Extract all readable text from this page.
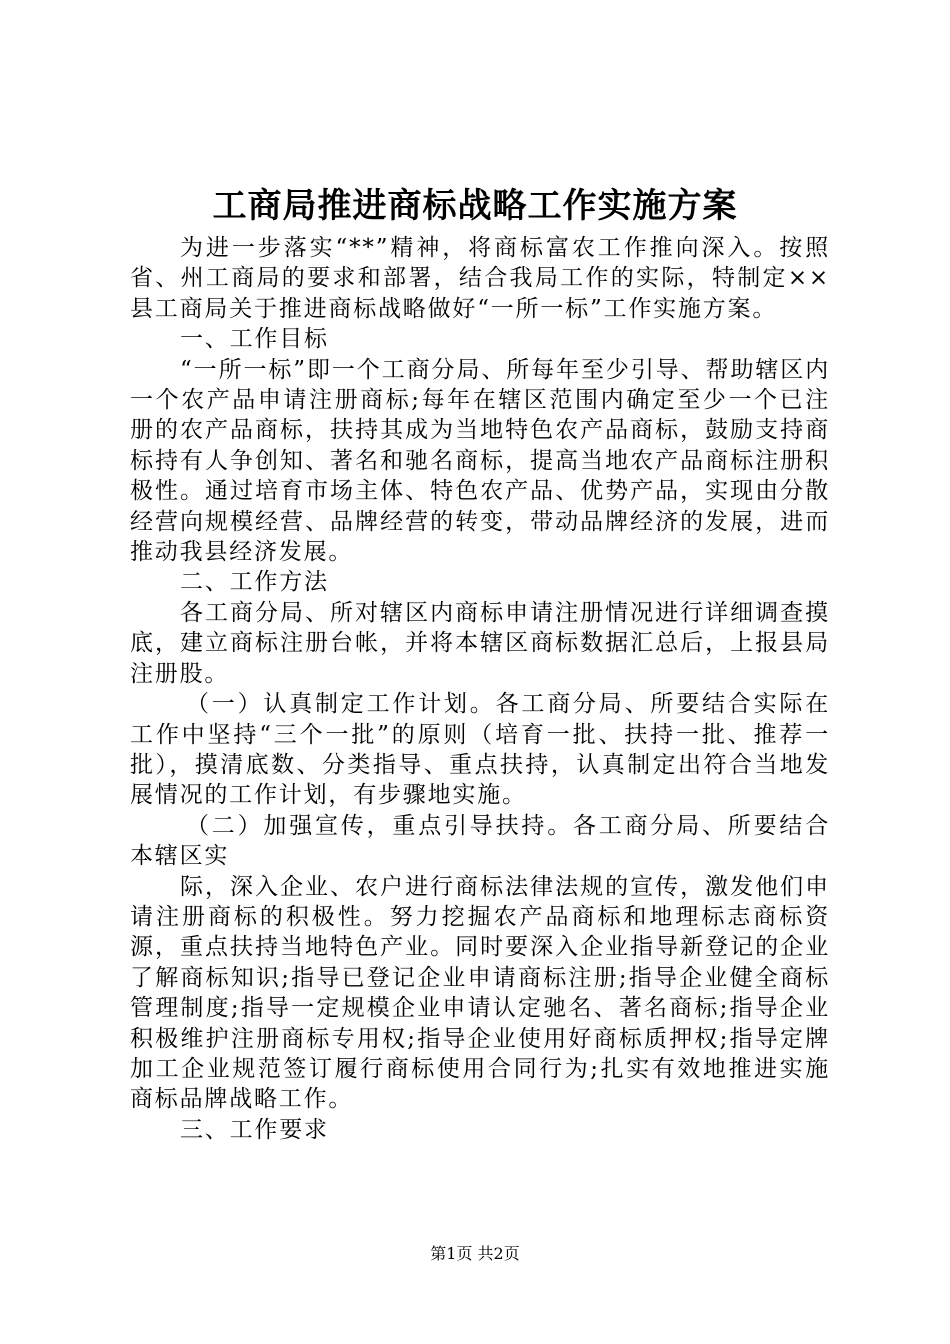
工商局推进商标战略工作实施方案

为进一步落实“**”精神，将商标富农工作推向深入。按照省、州工商局的要求和部署，结合我局工作的实际，特制定××县工商局关于推进商标战略做好“一所一标”工作实施方案。

一、工作目标

“一所一标”即一个工商分局、所每年至少引导、帮助辖区内一个农产品申请注册商标;每年在辖区范围内确定至少一个已注册的农产品商标，扶持其成为当地特色农产品商标，鼓励支持商标持有人争创知、著名和驰名商标，提高当地农产品商标注册积极性。通过培育市场主体、特色农产品、优势产品，实现由分散经营向规模经营、品牌经营的转变，带动品牌经济的发展，进而推动我县经济发展。

二、工作方法

各工商分局、所对辖区内商标申请注册情况进行详细调查摸底，建立商标注册台帐，并将本辖区商标数据汇总后，上报县局注册股。

（一）认真制定工作计划。各工商分局、所要结合实际在工作中坚持“三个一批”的原则（培育一批、扶持一批、推荐一批），摸清底数、分类指导、重点扶持，认真制定出符合当地发展情况的工作计划，有步骤地实施。

（二）加强宣传，重点引导扶持。各工商分局、所要结合本辖区实

际，深入企业、农户进行商标法律法规的宣传，激发他们申请注册商标的积极性。努力挖掘农产品商标和地理标志商标资源，重点扶持当地特色产业。同时要深入企业指导新登记的企业了解商标知识;指导已登记企业申请商标注册;指导企业健全商标管理制度;指导一定规模企业申请认定驰名、著名商标;指导企业积极维护注册商标专用权;指导企业使用好商标质押权;指导定牌加工企业规范签订履行商标使用合同行为;扎实有效地推进实施商标品牌战略工作。

三、工作要求

第1页 共2页
